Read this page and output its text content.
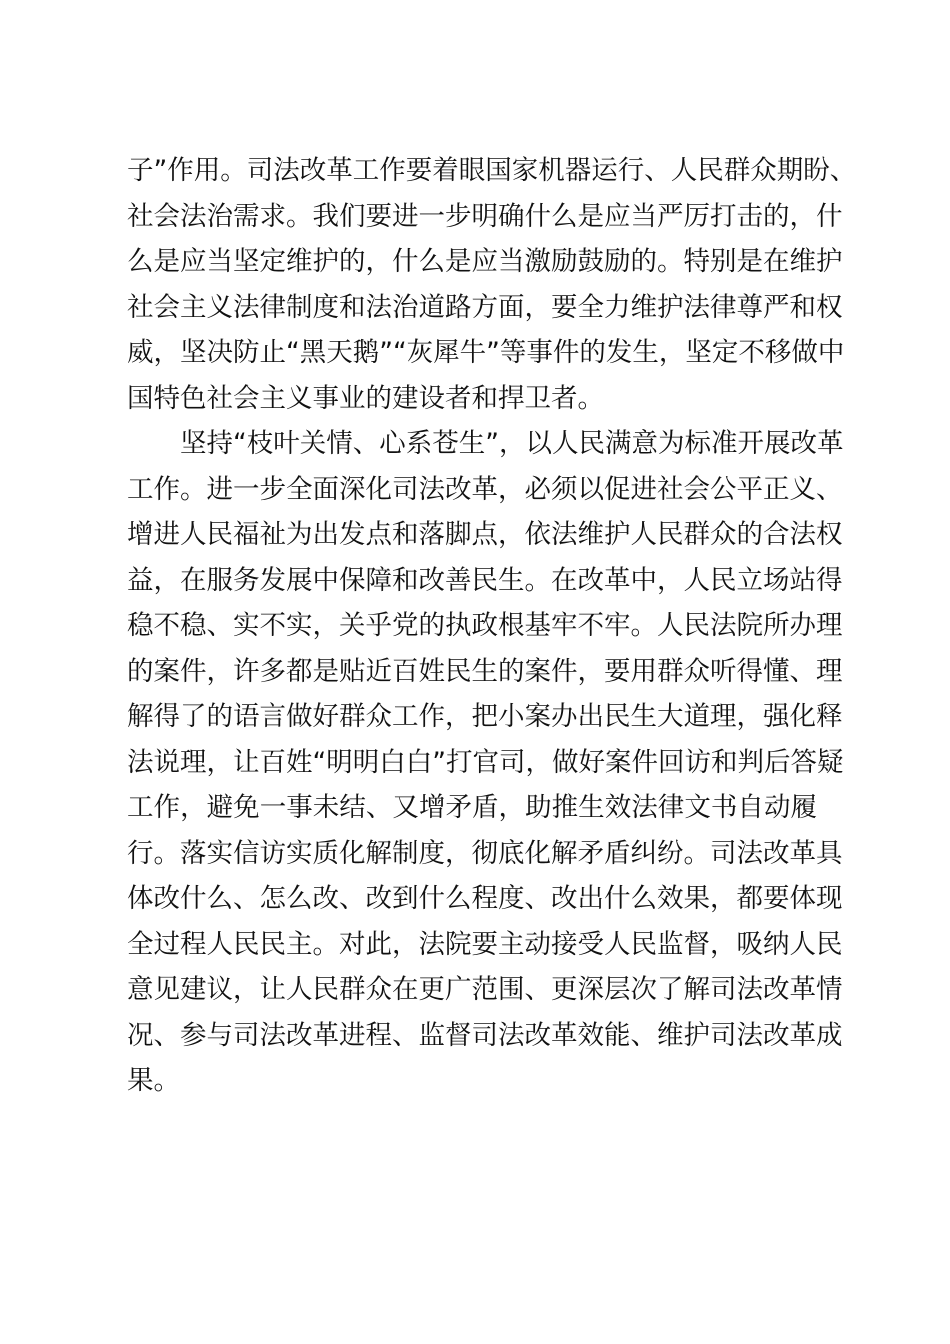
子”作用。司法改革工作要着眼国家机器运行、人民群众期盼、
社会法治需求。我们要进一步明确什么是应当严厉打击的，什
么是应当坚定维护的，什么是应当激励鼓励的。特别是在维护
社会主义法律制度和法治道路方面，要全力维护法律尊严和权
威，坚决防止“黑天鹅”“灰犀牛”等事件的发生，坚定不移做中
国特色社会主义事业的建设者和捍卫者。
坚持“枝叶关情、心系苍生”，以人民满意为标准开展改革
工作。进一步全面深化司法改革，必须以促进社会公平正义、
增进人民福祉为出发点和落脚点，依法维护人民群众的合法权
益，在服务发展中保障和改善民生。在改革中，人民立场站得
稳不稳、实不实，关乎党的执政根基牢不牢。人民法院所办理
的案件，许多都是贴近百姓民生的案件，要用群众听得懂、理
解得了的语言做好群众工作，把小案办出民生大道理，强化释
法说理，让百姓“明明白白”打官司，做好案件回访和判后答疑
工作，避免一事未结、又增矛盾，助推生效法律文书自动履
行。落实信访实质化解制度，彻底化解矛盾纠纷。司法改革具
体改什么、怎么改、改到什么程度、改出什么效果，都要体现
全过程人民民主。对此，法院要主动接受人民监督，吸纳人民
意见建议，让人民群众在更广范围、更深层次了解司法改革情
况、参与司法改革进程、监督司法改革效能、维护司法改革成
果。
